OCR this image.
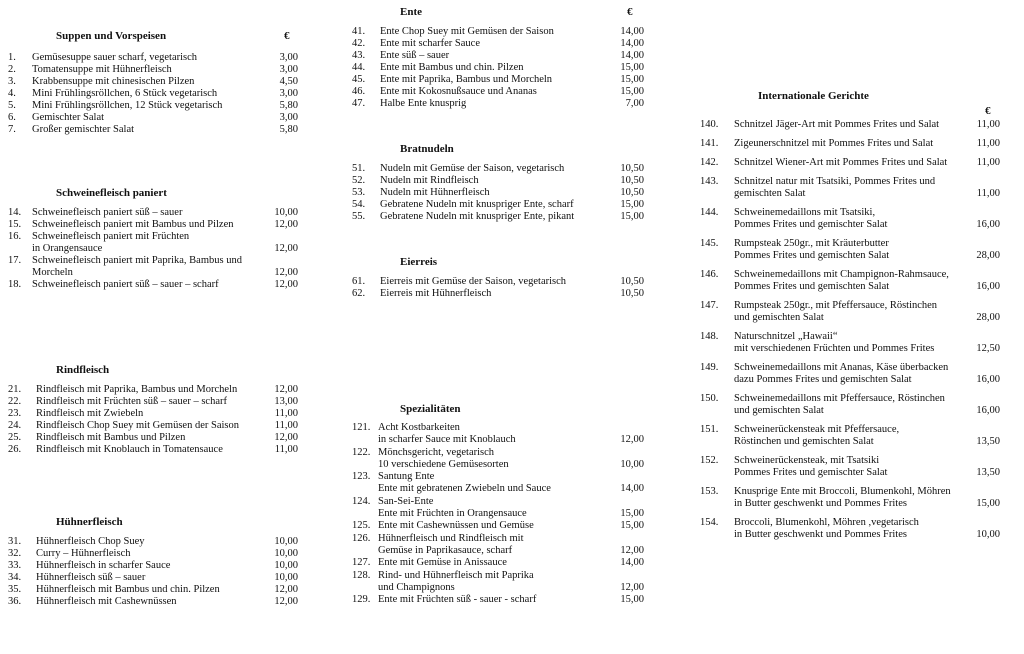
Suppen und Vorspeisen	€
1. Gemüsesuppe sauer scharf, vegetarisch	3,00
2. Tomatensuppe mit Hühnerfleisch	3,00
3. Krabbensuppe mit chinesischen Pilzen	4,50
4. Mini Frühlingsröllchen, 6 Stück vegetarisch	3,00
5. Mini Frühlingsröllchen, 12 Stück vegetarisch	5,80
6. Gemischter Salat	3,00
7. Großer gemischter Salat	5,80
Schweinefleisch paniert
14. Schweinefleisch paniert süß – sauer	10,00
15. Schweinefleisch paniert mit Bambus und Pilzen	12,00
16. Schweinefleisch paniert mit Früchten
in Orangensauce	12,00
17. Schweinefleisch paniert mit Paprika, Bambus und
Morcheln	12,00
18. Schweinefleisch paniert süß – sauer – scharf	12,00
Rindfleisch
21. Rindfleisch mit Paprika, Bambus und Morcheln	12,00
22. Rindfleisch mit Früchten süß – sauer – scharf	13,00
23. Rindfleisch mit Zwiebeln	11,00
24. Rindfleisch Chop Suey mit Gemüsen der Saison	11,00
25. Rindfleisch mit Bambus und Pilzen	12,00
26. Rindfleisch mit Knoblauch in Tomatensauce	11,00
Hühnerfleisch
31. Hühnerfleisch Chop Suey	10,00
32. Curry – Hühnerfleisch	10,00
33. Hühnerfleisch in scharfer Sauce	10,00
34. Hühnerfleisch süß – sauer	10,00
35. Hühnerfleisch mit Bambus und chin. Pilzen	12,00
36. Hühnerfleisch mit Cashewnüssen	12,00
Ente	€
41. Ente Chop Suey mit Gemüsen der Saison	14,00
42. Ente mit scharfer Sauce	14,00
43. Ente süß – sauer	14,00
44. Ente mit Bambus und chin. Pilzen	15,00
45. Ente mit Paprika, Bambus und Morcheln	15,00
46. Ente mit Kokosnußsauce und Ananas	15,00
47. Halbe Ente knusprig	7,00
Bratnudeln
51. Nudeln mit Gemüse der Saison, vegetarisch	10,50
52. Nudeln mit Rindfleisch	10,50
53. Nudeln mit Hühnerfleisch	10,50
54. Gebratene Nudeln mit knuspriger Ente, scharf	15,00
55. Gebratene Nudeln mit knuspriger Ente, pikant	15,00
Eierreis
61. Eierreis mit Gemüse der Saison, vegetarisch	10,50
62. Eierreis mit Hühnerfleisch	10,50
Spezialitäten
121. Acht Kostbarkeiten
in scharfer Sauce mit Knoblauch	12,00
122. Mönchsgericht, vegetarisch
10 verschiedene Gemüsesorten	10,00
123. Santung Ente
Ente mit gebratenen Zwiebeln und Sauce	14,00
124. San-Sei-Ente
Ente mit Früchten in Orangensauce	15,00
125. Ente mit Cashewnüssen und Gemüse	15,00
126. Hühnerfleisch und Rindfleisch mit
Gemüse in Paprikasauce, scharf	12,00
127. Ente mit Gemüse in Anissauce	14,00
128. Rind- und Hühnerfleisch mit Paprika
und Champignons	12,00
129. Ente mit Früchten süß - sauer - scharf	15,00
Internationale Gerichte
€
140. Schnitzel Jäger-Art mit Pommes Frites und Salat	11,00
141. Zigeunerschnitzel mit Pommes Frites und Salat	11,00
142. Schnitzel Wiener-Art mit Pommes Frites und Salat	11,00
143. Schnitzel natur mit Tsatsiki, Pommes Frites und
gemischten Salat	11,00
144. Schweinemedaillons mit Tsatsiki,
Pommes Frites und gemischter Salat	16,00
145. Rumpsteak 250gr., mit Kräuterbutter
Pommes Frites und gemischten Salat	28,00
146. Schweinemedaillons mit Champignon-Rahmsauce,
Pommes Frites und gemischten Salat	16,00
147. Rumpsteak 250gr., mit Pfeffersauce, Röstinchen
und gemischten Salat	28,00
148. Naturschnitzel „Hawaii“
mit verschiedenen Früchten und Pommes Frites	12,50
149. Schweinemedaillons mit Ananas, Käse überbacken
dazu Pommes Frites und gemischten Salat	16,00
150. Schweinemedaillons mit Pfeffersauce, Röstinchen
und gemischten Salat	16,00
151. Schweinerückensteak mit Pfeffersauce,
Röstinchen und gemischten Salat	13,50
152. Schweinerückensteak, mit Tsatsiki
Pommes Frites und gemischter Salat	13,50
153. Knusprige Ente mit Broccoli, Blumenkohl, Möhren
in Butter geschwenkt und Pommes Frites	15,00
154. Broccoli, Blumenkohl, Möhren ,vegetarisch
in Butter geschwenkt und Pommes Frites	10,00
